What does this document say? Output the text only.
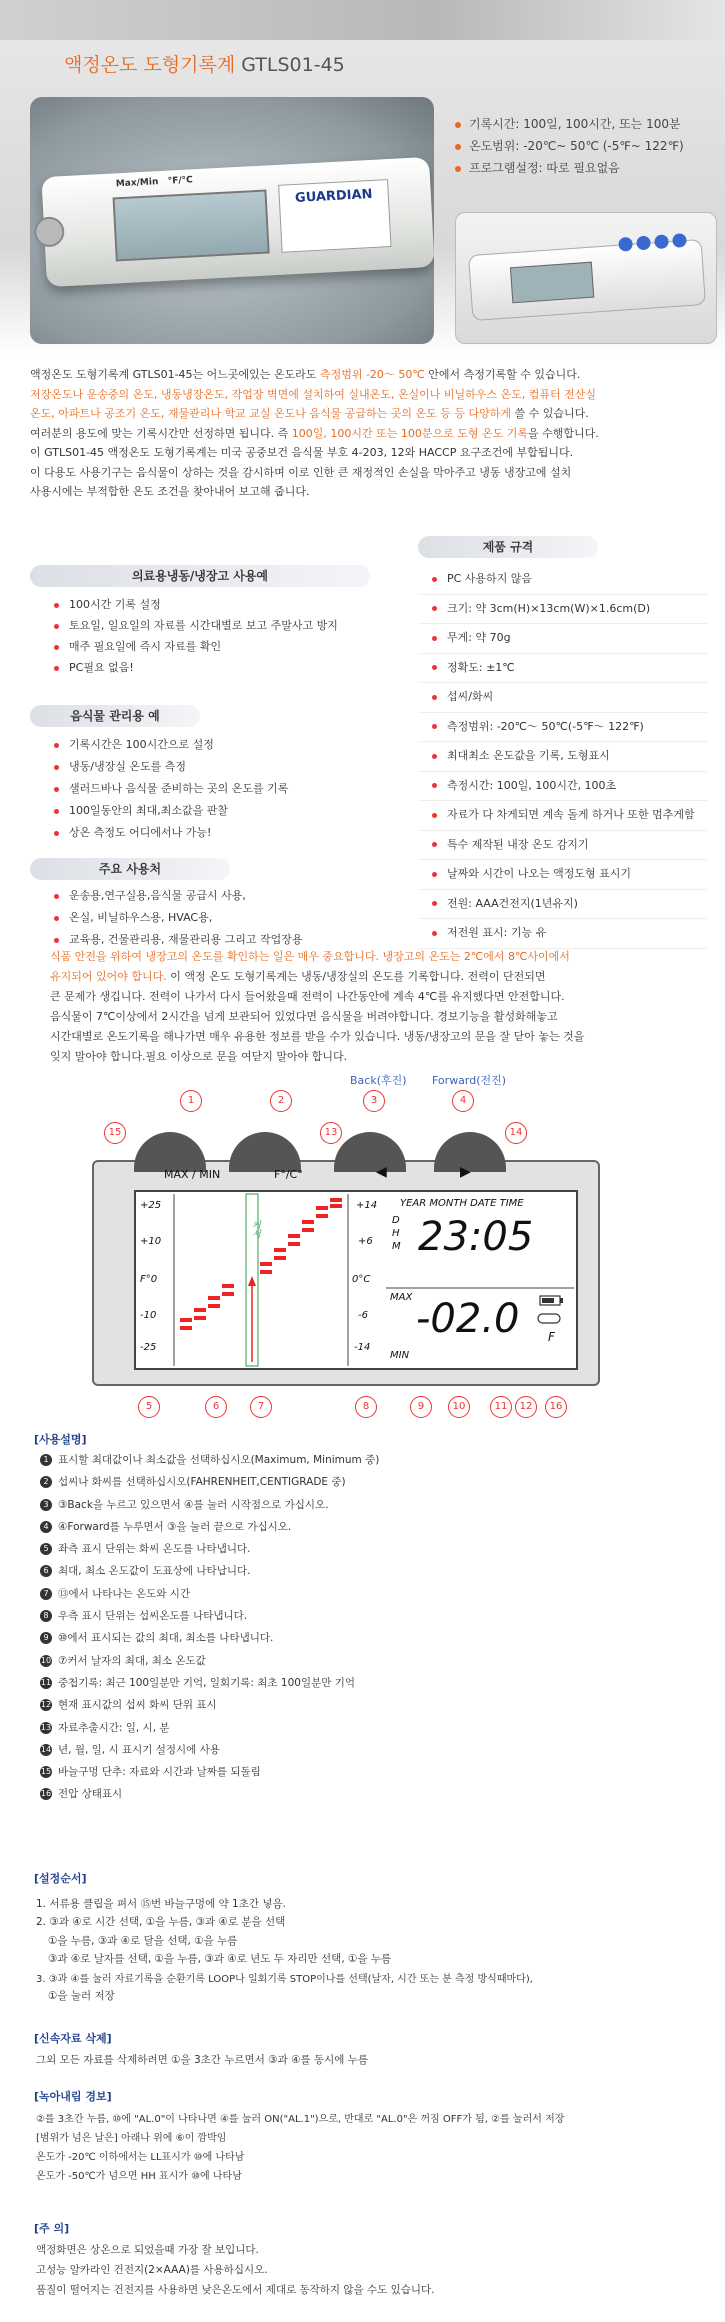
액정온도 도형기록계 GTLS01-45
Max/Min °F/°C
GUARDIAN
기록시간: 100일, 100시간, 또는 100분
온도범위: -20℃~ 50℃ (-5℉~ 122℉)
프로그램설정: 따로 필요없음

액정온도 도형기록계 GTLS01-45는 어느곳에있는 온도라도 측정범위 -20～ 50℃ 안에서 측정기록할 수 있습니다.

저장온도나 운송중의 온도, 냉동냉장온도, 작업장 벽면에 설치하여 실내온도, 온실이나 비닐하우스 온도, 컴퓨터 전산실

온도, 아파트나 공조기 온도, 재물관리나 학교 교실 온도나 음식물 공급하는 곳의 온도 등 등 다양하게 쓸 수 있습니다.

여러분의 용도에 맞는 기록시간만 선정하면 됩니다. 즉 100일, 100시간 또는 100분으로 도형 온도 기록을 수행합니다.

이 GTLS01-45 액정온도 도형기록계는 미국 공중보건 음식물 부호 4-203, 12와 HACCP 요구조건에 부합됩니다.

이 다용도 사용기구는 음식물이 상하는 것을 감시하며 이로 인한 큰 재정적인 손실을 막아주고 냉동 냉장고에 설치

사용시에는 부적합한 온도 조건을 찾아내어 보고해 줍니다.

의료용냉동/냉장고 사용예
100시간 기록 설정
토요일, 일요일의 자료를 시간대별로 보고 주말사고 방지
매주 필요일에 즉시 자료를 확인
PC필요 없음!
음식물 관리용 예
기록시간은 100시간으로 설정
냉동/냉장실 온도를 측정
샐러드바나 음식물 준비하는 곳의 온도를 기록
100일동안의 최대,최소값을 판찰
상온 측정도 어디에서나 가능!
주요 사용처
운송용,연구실용,음식물 공급시 사용,
온실, 비닐하우스용, HVAC용,
교육용, 건물관리용, 재물관리용 그리고 작업장용
제품 규격
PC 사용하지 않음
크기: 약 3cm(H)×13cm(W)×1.6cm(D)
무게: 약 70g
정확도: ±1℃
섭씨/화씨
측정범위: -20℃～ 50℃(-5℉～ 122℉)
최대최소 온도값을 기록, 도형표시
측정시간: 100일, 100시간, 100초
자료가 다 차게되면 계속 돌게 하거나 또한 멈추게함
특수 제작된 내장 온도 감지기
날짜와 시간이 나오는 액정도형 표시기
전원: AAA건전지(1년유지)
저전원 표시: 기능 유

식품 안전을 위하여 냉장고의 온도를 확인하는 일은 매우 중요합니다. 냉장고의 온도는 2℃에서 8℃사이에서

유지되어 있어야 합니다. 이 액정 온도 도형기록계는 냉동/냉장실의 온도를 기록합니다. 전력이 단전되면

큰 문제가 생깁니다. 전력이 나가서 다시 들어왔을때 전력이 나간동안에 계속 4℃를 유지했다면 안전합니다.

음식물이 7℃이상에서 2시간을 넘게 보관되어 있었다면 음식물을 버려야합니다. 경보기능을 활성화해놓고

시간대별로 온도기록을 해나가면 매우 유용한 정보를 받을 수가 있습니다. 냉동/냉장고의 문을 잘 닫아 놓는 것을

잊지 말아야 합니다.필요 이상으로 문을 여닫지 말아야 합니다.

Back(후진) Forward(전진)
MAX / MIN	F°/C°	◀	▶
+25
+10
F°0
-10
-25
+14
+6
0°C
-6
-14
커서
YEAR MONTH DATE TIME
D
H
M 23:05
MAX -02.0
MIN
F
1	2	3	4
5	6	7	8	9	10	11	12
13	14
15
16
[사용설명]
1 표시할 최대값이나 최소값을 선택하십시오(Maximum, Minimum 중)
2 섭씨나 화씨를 선택하십시오(FAHRENHEIT,CENTIGRADE 중)
3 ③Back을 누르고 있으면서 ④를 눌러 시작점으로 가십시오.
4 ④Forward를 누루면서 ③을 눌러 끝으로 가십시오.
5 좌측 표시 단위는 화씨 온도를 나타냅니다.
6 최대, 최소 온도값이 도표상에 나타납니다.
7 ⑬에서 나타나는 온도와 시간
8 우측 표시 단위는 섭씨온도를 나타냅니다.
9 ⑩에서 표시되는 값의 최대, 최소를 나타냅니다.
10 ⑦커서 날자의 최대, 최소 온도값
11 중첩기록: 최근 100일분만 기억, 일회기록: 최초 100일분만 기억
12 현재 표시값의 섭씨 화씨 단위 표시
13 자료추출시간: 일, 시, 분
14 년, 월, 일, 시 표시기 설정시에 사용
15 바늘구멍 단추: 자료와 시간과 날짜를 되돌림
16 전압 상태표시
[설정순서]
1. 서류용 클립을 펴서 ⑮번 바늘구멍에 약 1초간 넣음.
2. ③과 ④로 시간 선택, ①을 누름, ③과 ④로 분을 선택
①을 누름, ③과 ④로 달을 선택, ①을 누름
③과 ④로 날자를 선택, ①을 누름, ③과 ④로 년도 두 자리만 선택, ①을 누름
3. ③과 ④를 눌러 자료기록을 순환기록 LOOP나 일회기록 STOP이나를 선택(날자, 시간 또는 분 측정 방식때마다),
①을 눌러 저장
[신속자료 삭제]
그외 모든 자료를 삭제하려면 ①을 3초간 누르면서 ③과 ④를 동시에 누름
[녹아내림 경보]
②를 3초간 누름, ⑩에 "AL.0"이 나타나면 ④를 눌러 ON("AL.1")으로, 반대로 "AL.0"은 꺼짐 OFF가 됨, ②를 눌러서 저장
[범위가 넘은 날은] 아래나 위에 ⑥이 깜박임
온도가 -20℃ 이하에서는 LL표시가 ⑩에 나타남
온도가 -50℃가 넘으면 HH 표시가 ⑩에 나타남
[주 의]
액정화면은 상온으로 되었을때 가장 잘 보입니다.
고성능 알카라인 건전지(2×AAA)를 사용하십시오.
품질이 떨어지는 건전지를 사용하면 낮은온도에서 제대로 동작하지 않을 수도 있습니다.
